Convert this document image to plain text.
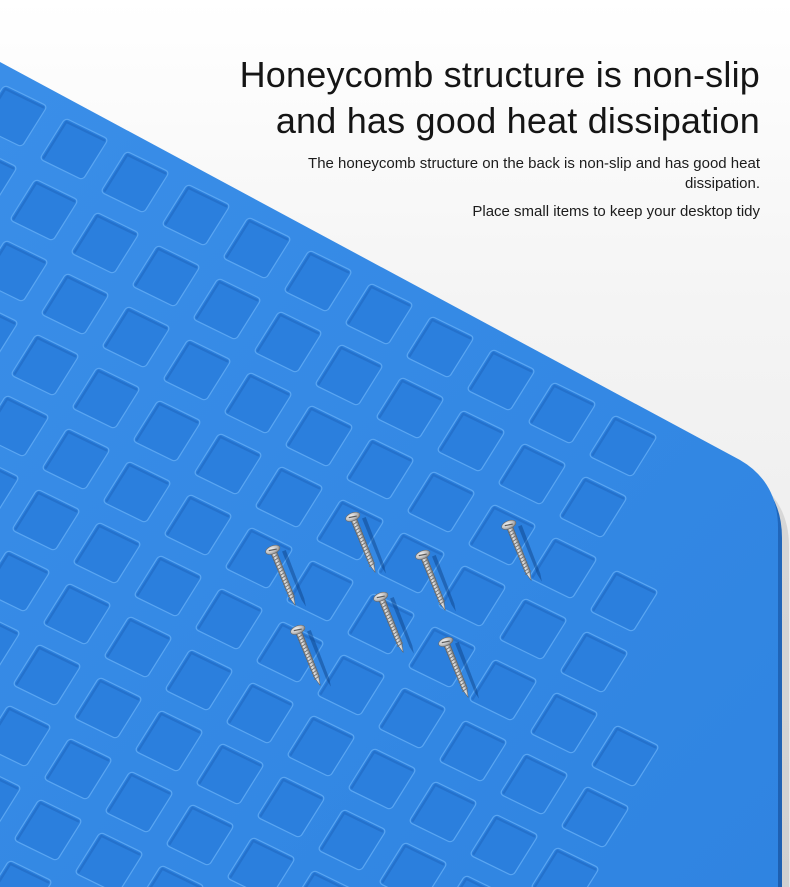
Honeycomb structure is non-slip
and has good heat dissipation

The honeycomb structure on the back is non-slip and has good heat dissipation.

Place small items to keep your desktop tidy
